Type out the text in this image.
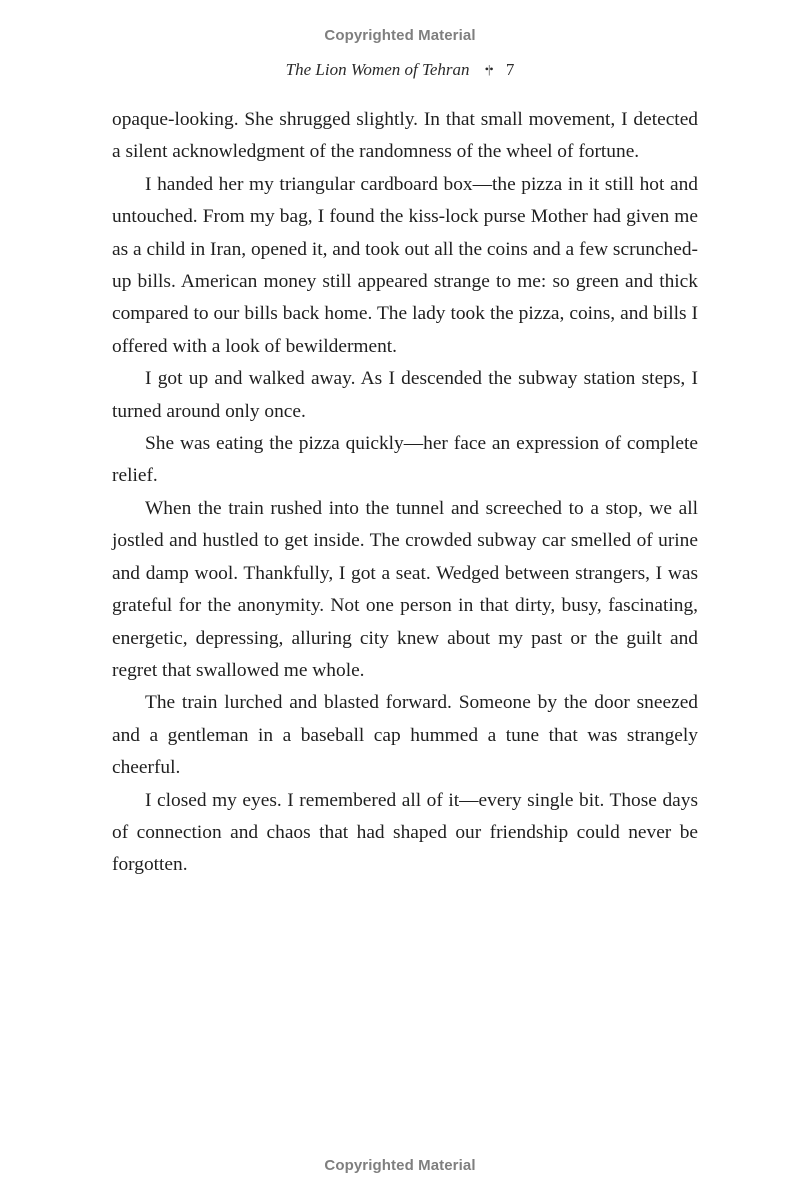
Copyrighted Material
The Lion Women of Tehran •|• 7

opaque-looking. She shrugged slightly. In that small movement, I detected a silent acknowledgment of the randomness of the wheel of fortune.

I handed her my triangular cardboard box—the pizza in it still hot and untouched. From my bag, I found the kiss-lock purse Mother had given me as a child in Iran, opened it, and took out all the coins and a few scrunched-up bills. American money still appeared strange to me: so green and thick compared to our bills back home. The lady took the pizza, coins, and bills I offered with a look of bewilderment.

I got up and walked away. As I descended the subway station steps, I turned around only once.

She was eating the pizza quickly—her face an expression of complete relief.

When the train rushed into the tunnel and screeched to a stop, we all jostled and hustled to get inside. The crowded subway car smelled of urine and damp wool. Thankfully, I got a seat. Wedged between strangers, I was grateful for the anonymity. Not one person in that dirty, busy, fascinating, energetic, depressing, alluring city knew about my past or the guilt and regret that swallowed me whole.

The train lurched and blasted forward. Someone by the door sneezed and a gentleman in a baseball cap hummed a tune that was strangely cheerful.

I closed my eyes. I remembered all of it—every single bit. Those days of connection and chaos that had shaped our friendship could never be forgotten.

Copyrighted Material
